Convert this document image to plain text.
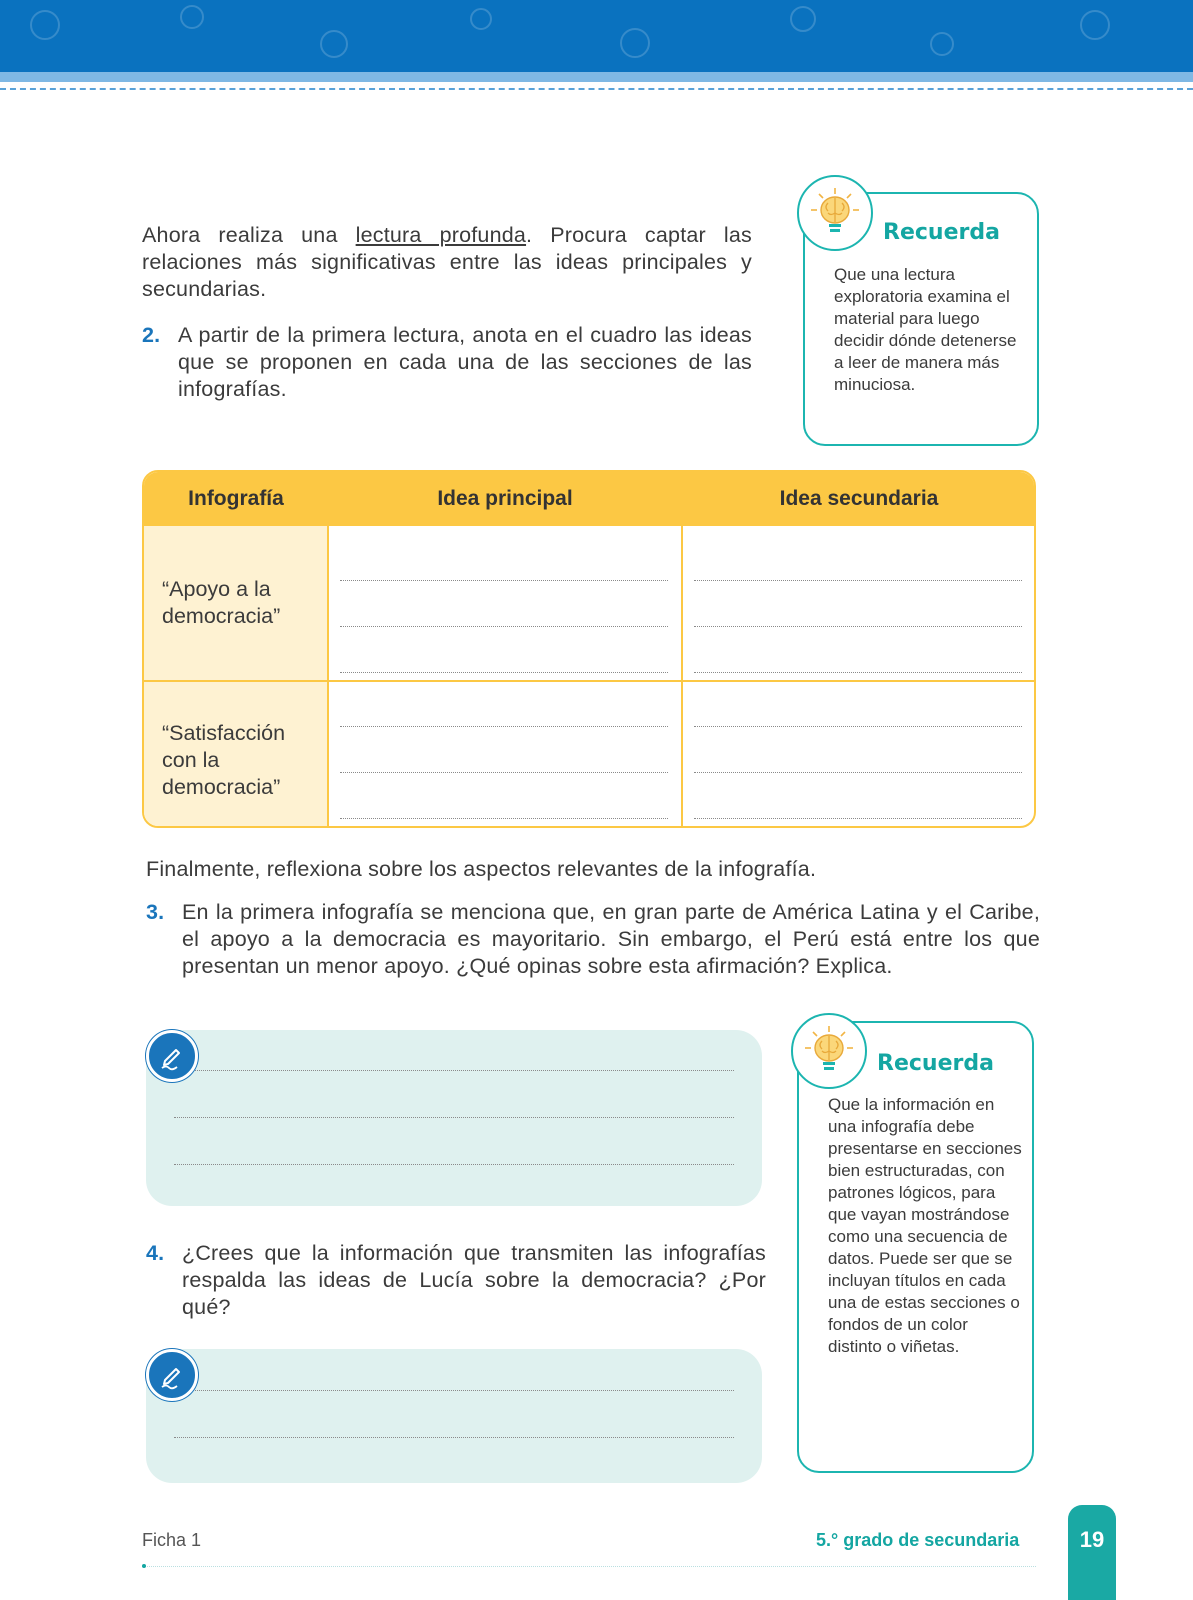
Ahora realiza una lectura profunda. Procura captar las relaciones más significativas entre las ideas principales y secundarias.
2. A partir de la primera lectura, anota en el cuadro las ideas que se proponen en cada una de las secciones de las infografías.
Recuerda
Que una lectura exploratoria examina el material para luego decidir dónde detenerse a leer de manera más minuciosa.
Infografía	Idea principal	Idea secundaria
“Apoyo a la democracia”
“Satisfacción con la democracia”
Finalmente, reflexiona sobre los aspectos relevantes de la infografía.
3. En la primera infografía se menciona que, en gran parte de América Latina y el Caribe, el apoyo a la democracia es mayoritario. Sin embargo, el Perú está entre los que presentan un menor apoyo. ¿Qué opinas sobre esta afirmación? Explica.
4. ¿Crees que la información que transmiten las infografías respalda las ideas de Lucía sobre la democracia? ¿Por qué?
Recuerda
Que la información en una infografía debe presentarse en secciones bien estructuradas, con patrones lógicos, para que vayan mostrándose como una secuencia de datos. Puede ser que se incluyan títulos en cada una de estas secciones o fondos de un color distinto o viñetas.
Ficha 1	5.° grado de secundaria	19
